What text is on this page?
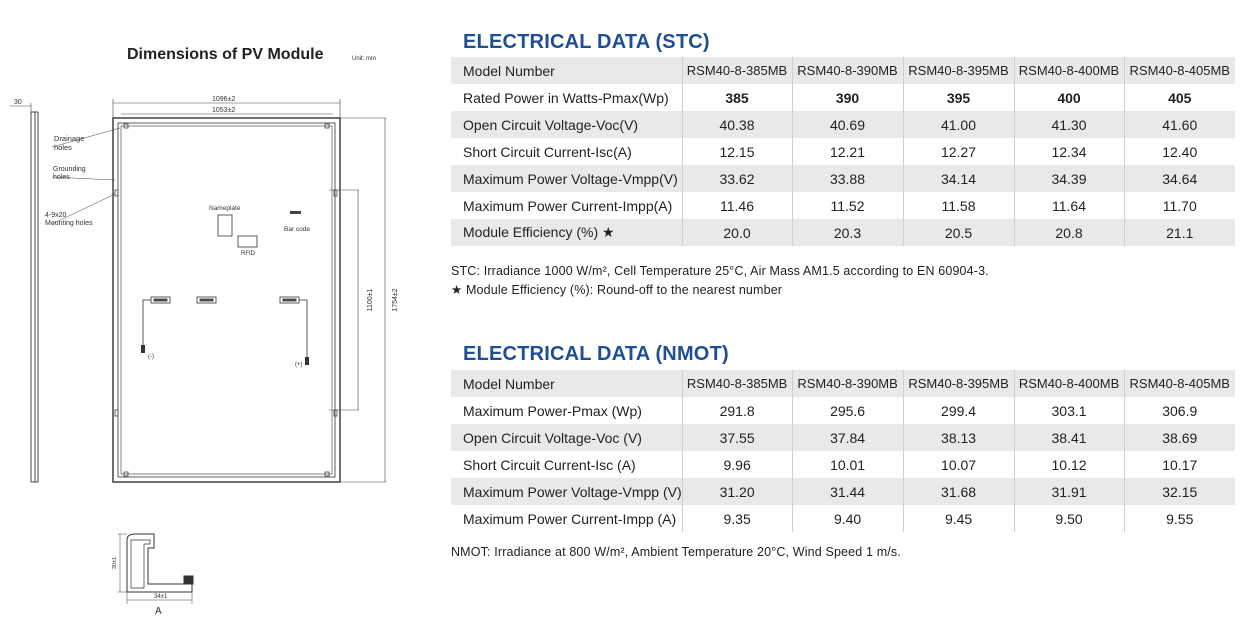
Dimensions of PV Module	Unit: mm
30	1096±2
1053±2
Drainage holes
Grounding holes
4-9x20 Mounting holes
Nameplate
RFID
Bar code
(-)
(+)
1100±1	1754±2
30±1
34±1
A
ELECTRICAL DATA (STC)
Model Number	RSM40-8-385MB	RSM40-8-390MB	RSM40-8-395MB	RSM40-8-400MB	RSM40-8-405MB
Rated Power in Watts-Pmax(Wp)	385	390	395	400	405
Open Circuit Voltage-Voc(V)	40.38	40.69	41.00	41.30	41.60
Short Circuit Current-Isc(A)	12.15	12.21	12.27	12.34	12.40
Maximum Power Voltage-Vmpp(V)	33.62	33.88	34.14	34.39	34.64
Maximum Power Current-Impp(A)	11.46	11.52	11.58	11.64	11.70
Module Efficiency (%) ★	20.0	20.3	20.5	20.8	21.1
STC: Irradiance 1000 W/m², Cell Temperature 25°C, Air Mass AM1.5 according to EN 60904-3.
★ Module Efficiency (%): Round-off to the nearest number
ELECTRICAL DATA (NMOT)
Model Number	RSM40-8-385MB	RSM40-8-390MB	RSM40-8-395MB	RSM40-8-400MB	RSM40-8-405MB
Maximum Power-Pmax (Wp)	291.8	295.6	299.4	303.1	306.9
Open Circuit Voltage-Voc (V)	37.55	37.84	38.13	38.41	38.69
Short Circuit Current-Isc (A)	9.96	10.01	10.07	10.12	10.17
Maximum Power Voltage-Vmpp (V)	31.20	31.44	31.68	31.91	32.15
Maximum Power Current-Impp (A)	9.35	9.40	9.45	9.50	9.55
NMOT: Irradiance at 800 W/m², Ambient Temperature 20°C, Wind Speed 1 m/s.
